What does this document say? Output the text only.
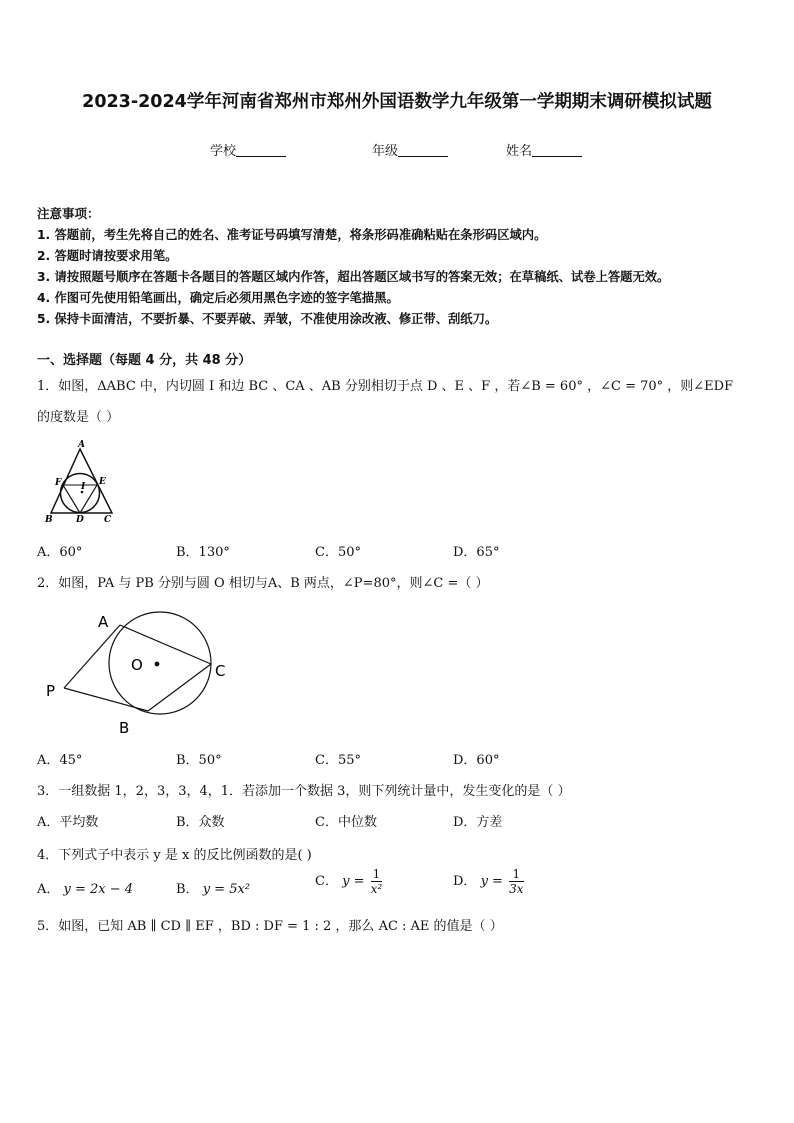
2023-2024学年河南省郑州市郑州外国语数学九年级第一学期期末调研模拟试题
学校	年级	姓名
注意事项：
1. 答题前，考生先将自己的姓名、准考证号码填写清楚，将条形码准确粘贴在条形码区域内。
2. 答题时请按要求用笔。
3. 请按照题号顺序在答题卡各题目的答题区域内作答，超出答题区域书写的答案无效；在草稿纸、试卷上答题无效。
4. 作图可先使用铅笔画出，确定后必须用黑色字迹的签字笔描黑。
5. 保持卡面清洁，不要折暴、不要弄破、弄皱，不准使用涂改液、修正带、刮纸刀。
一、选择题（每题 4 分，共 48 分）
1．如图，ΔABC 中，内切圆 I 和边 BC 、CA 、AB 分别相切于点 D 、E 、F ，若∠B = 60° ，∠C = 70° ，则∠EDF
的度数是（ ）
A
B	D C
F	E
I
A．60°	B．130°	C．50°	D．65°
2．如图，PA 与 PB 分别与圆 O 相切与A、B 两点，∠P=80°，则∠C =（ ）
A
O	C
P
B
A．45°	B．50°	C．55°	D．60°
3．一组数据 1，2，3，3，4，1．若添加一个数据 3，则下列统计量中，发生变化的是（ ）
A．平均数	B．众数	C．中位数	D．方差
4．下列式子中表示 y 是 x 的反比例函数的是( )
A． y = 2x − 4	B． y = 5x²
C． $y = \frac{1}{\text{x²}}$	D． $y = \frac{1}{3x}$
5．如图，已知 AB ∥ CD ∥ EF ，BD : DF = 1 : 2 ，那么 AC : AE 的值是（ ）
